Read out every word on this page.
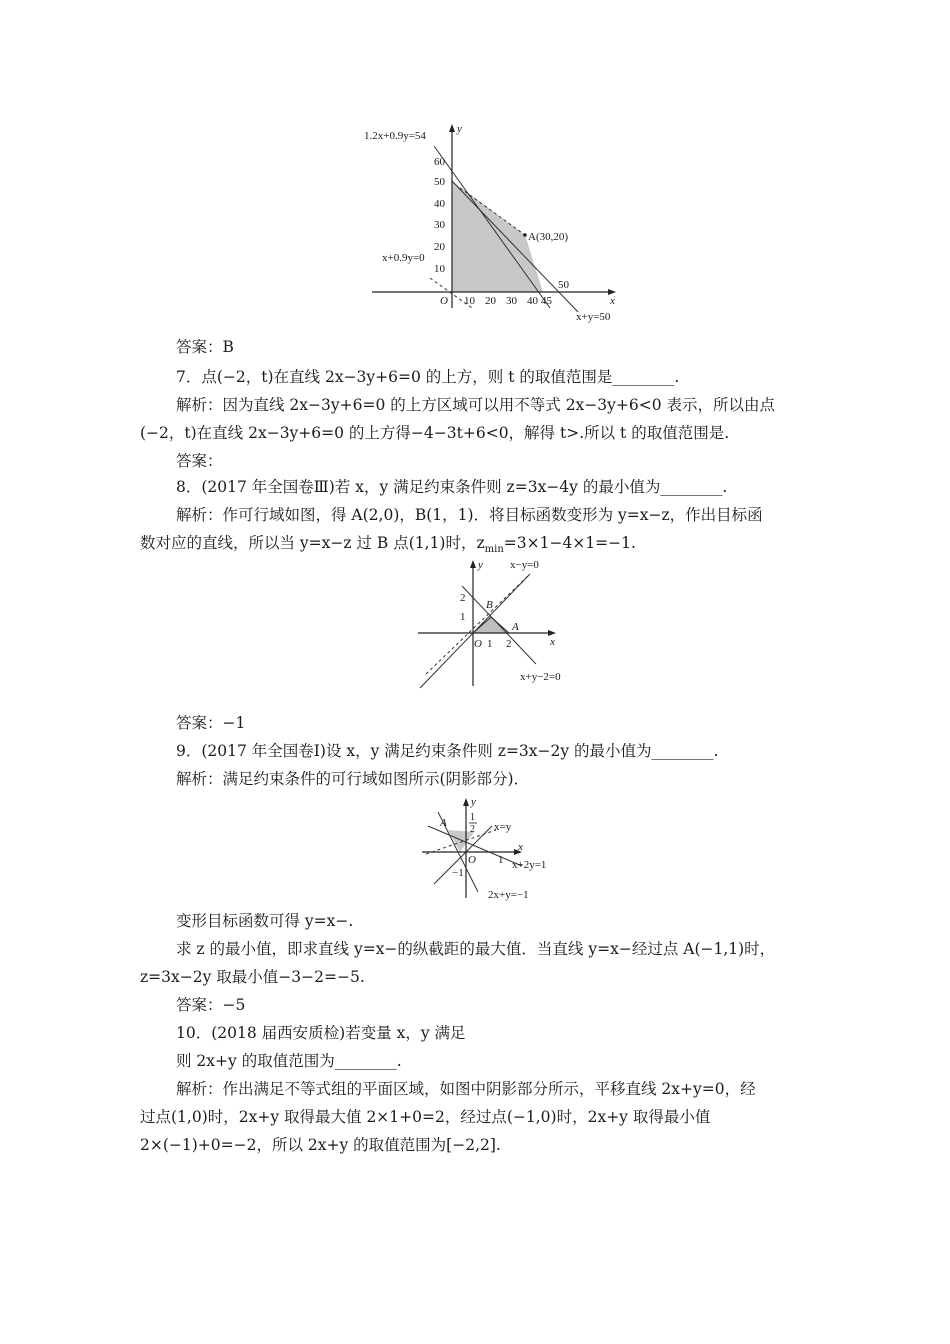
1.2x+0.9y=54
y
60
50
40
30
20
10
x+0.9y=0
A(30,20)
O 10 20 30 40 45
50
x
x+y=50
答案：B
7．点(−2，t)在直线 2x−3y+6=0 的上方，则 t 的取值范围是________.
解析：因为直线 2x−3y+6=0 的上方区域可以用不等式 2x−3y+6<0 表示，所以由点
(−2，t)在直线 2x−3y+6=0 的上方得−4−3t+6<0，解得 t>.所以 t 的取值范围是.
答案：
8．(2017 年全国卷Ⅲ)若 x，y 满足约束条件则 z=3x−4y 的最小值为________.
解析：作可行域如图，得 A(2,0)，B(1，1)．将目标函数变形为 y=x−z，作出目标函
数对应的直线，所以当 y=x−z 过 B 点(1,1)时，$z_{min}=3\times 1-4\times 1=-1$.
y x−y=0
2
B
1
A
O 1 2	x
x+y−2=0
答案：−1
9．(2017 年全国卷Ⅰ)设 x，y 满足约束条件则 z=3x−2y 的最小值为________.
解析：满足约束条件的可行域如图所示(阴影部分)．
y
A 1
2 x=y
x
O 1 x+2y=1
−1
2x+y=−1
变形目标函数可得 y=x−.
求 z 的最小值，即求直线 y=x−的纵截距的最大值．当直线 y=x−经过点 A(−1,1)时，
z=3x−2y 取最小值−3−2=−5.
答案：−5
10．(2018 届西安质检)若变量 x，y 满足
则 2x+y 的取值范围为________.
解析：作出满足不等式组的平面区域，如图中阴影部分所示，平移直线 2x+y=0，经
过点(1,0)时，2x+y 取得最大值 2×1+0=2，经过点(−1,0)时，2x+y 取得最小值
2×(−1)+0=−2，所以 2x+y 的取值范围为[−2,2].
